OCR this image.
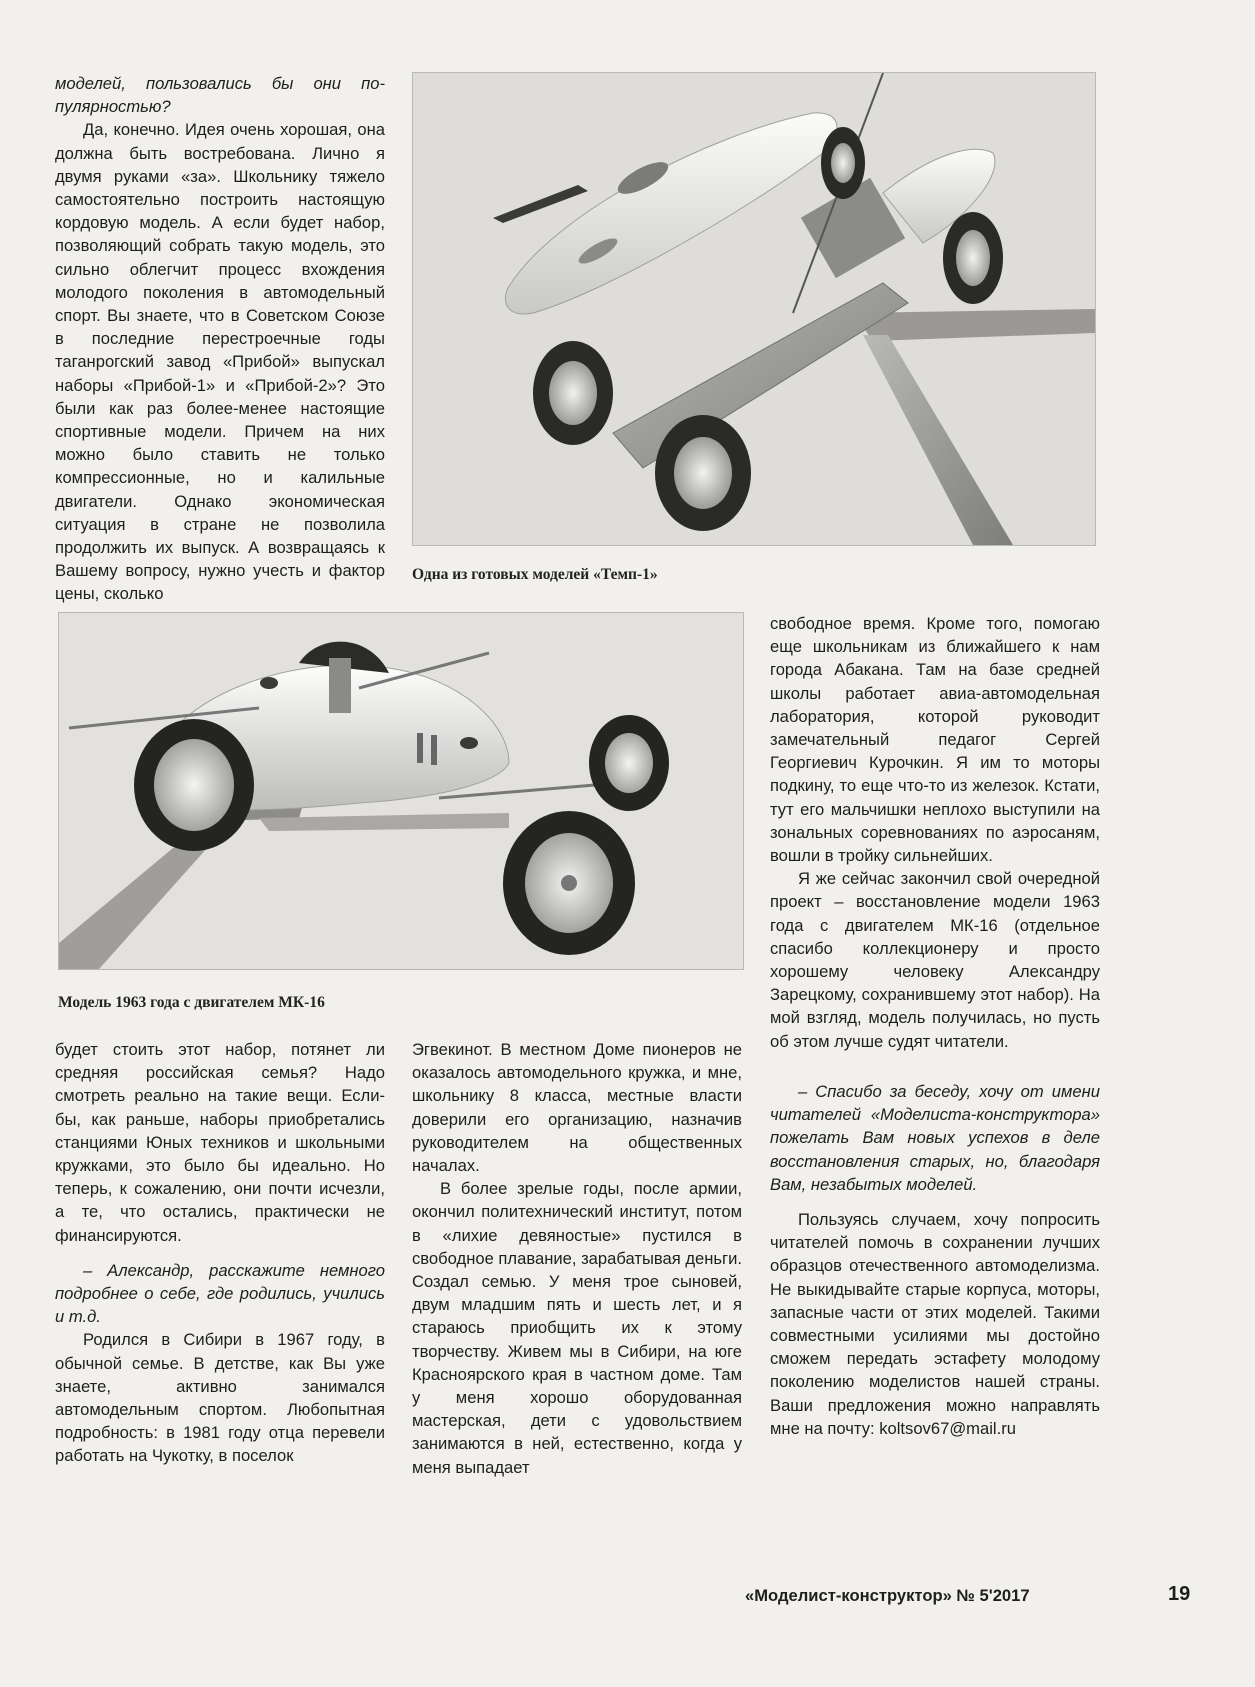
моделей, пользовались бы они по-пулярностью?

Да, конечно. Идея очень хорошая, она должна быть востребована. Лично я двумя руками «за». Школьнику тяжело самостоятельно построить настоящую кордовую модель. А если будет набор, позволяющий собрать такую модель, это сильно облегчит процесс вхождения молодого поколения в автомодельный спорт. Вы знаете, что в Советском Союзе в последние перестроечные годы таганрогский завод «Прибой» выпускал наборы «Прибой-1» и «Прибой-2»? Это были как раз более-менее настоящие спортивные модели. Причем на них можно было ставить не только компрессионные, но и калильные двигатели. Однако экономическая ситуация в стране не позволила продолжить их выпуск. А возвращаясь к Вашему вопросу, нужно учесть и фактор цены, сколько

Одна из готовых моделей «Темп-1»
Модель 1963 года с двигателем МК-16

свободное время. Кроме того, помогаю еще школьникам из ближайшего к нам города Абакана. Там на базе средней школы работает авиа-автомодельная лаборатория, которой руководит замечательный педагог Сергей Георгиевич Курочкин. Я им то моторы подкину, то еще что-то из железок. Кстати, тут его мальчишки неплохо выступили на зональных соревнованиях по аэросаням, вошли в тройку сильнейших.

Я же сейчас закончил свой очередной проект – восстановление модели 1963 года с двигателем МК-16 (отдельное спасибо коллекционеру и просто хорошему человеку Александру Зарецкому, сохранившему этот набор). На мой взгляд, модель получилась, но пусть об этом лучше судят читатели.

будет стоить этот набор, потянет ли средняя российская семья? Надо смотреть реально на такие вещи. Если-бы, как раньше, наборы приобретались станциями Юных техников и школьными кружками, это было бы идеально. Но теперь, к сожалению, они почти исчезли, а те, что остались, практически не финансируются.

– Александр, расскажите немного подробнее о себе, где родились, учились и т.д.

Родился в Сибири в 1967 году, в обычной семье. В детстве, как Вы уже знаете, активно занимался автомодельным спортом. Любопытная подробность: в 1981 году отца перевели работать на Чукотку, в поселок

Эгвекинот. В местном Доме пионеров не оказалось автомодельного кружка, и мне, школьнику 8 класса, местные власти доверили его организацию, назначив руководителем на общественных началах.

В более зрелые годы, после армии, окончил политехнический институт, потом в «лихие девяностые» пустился в свободное плавание, зарабатывая деньги. Создал семью. У меня трое сыновей, двум младшим пять и шесть лет, и я стараюсь приобщить их к этому творчеству. Живем мы в Сибири, на юге Красноярского края в частном доме. Там у меня хорошо оборудованная мастерская, дети с удовольствием занимаются в ней, естественно, когда у меня выпадает

– Спасибо за беседу, хочу от имени читателей «Моделиста-конструктора» пожелать Вам новых успехов в деле восстановления старых, но, благодаря Вам, незабытых моделей.

Пользуясь случаем, хочу попросить читателей помочь в сохранении лучших образцов отечественного автомоделизма. Не выкидывайте старые корпуса, моторы, запасные части от этих моделей. Такими совместными усилиями мы достойно сможем передать эстафету молодому поколению моделистов нашей страны. Ваши предложения можно направлять мне на почту: koltsov67@mail.ru

«Моделист-конструктор» № 5'2017	19
